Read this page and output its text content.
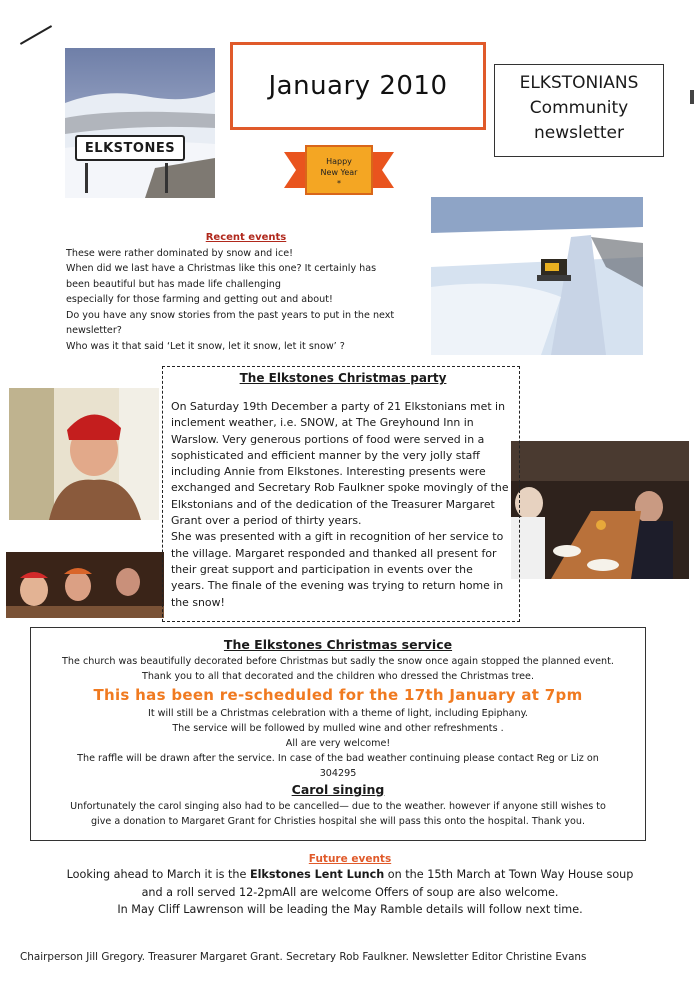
ELKSTONES
January 2010	ELKSTONIANS
Community
newsletter
Happy
New Year
*
Recent events
These were rather dominated by snow and ice!
When did we last have a Christmas like this one? It certainly has
been beautiful but has made life challenging
especially for those farming and getting out and about!
Do you have any snow stories from the past years to put in the next
newsletter?
Who was it that said ‘Let it snow, let it snow, let it snow’ ?
The Elkstones Christmas party
On Saturday 19th December a party of 21 Elkstonians met in
inclement weather, i.e. SNOW, at The Greyhound Inn in
Warslow. Very generous portions of food were served in a
sophisticated and efficient manner by the very jolly staff
including Annie from Elkstones. Interesting presents were
exchanged and Secretary Rob Faulkner spoke movingly of the
Elkstonians and of the dedication of the Treasurer Margaret
Grant over a period of thirty years.
She was presented with a gift in recognition of her service to
the village. Margaret responded and thanked all present for
their great support and participation in events over the
years. The finale of the evening was trying to return home in
the snow!
The Elkstones Christmas service
The church was beautifully decorated before Christmas but sadly the snow once again stopped the planned event.
Thank you to all that decorated and the children who dressed the Christmas tree.
This has been re-scheduled for the 17th January at 7pm
It will still be a Christmas celebration with a theme of light, including Epiphany.
The service will be followed by mulled wine and other refreshments .
All are very welcome!
The raffle will be drawn after the service. In case of the bad weather continuing please contact Reg or Liz on
304295
Carol singing
Unfortunately the carol singing also had to be cancelled— due to the weather. however if anyone still wishes to
give a donation to Margaret Grant for Christies hospital she will pass this onto the hospital. Thank you.
Future events
Looking ahead to March it is the Elkstones Lent Lunch on the 15th March at Town Way House soup
and a roll served 12-2pmAll are welcome Offers of soup are also welcome.
In May Cliff Lawrenson will be leading the May Ramble details will follow next time.
Chairperson Jill Gregory. Treasurer Margaret Grant. Secretary Rob Faulkner. Newsletter Editor Christine Evans
